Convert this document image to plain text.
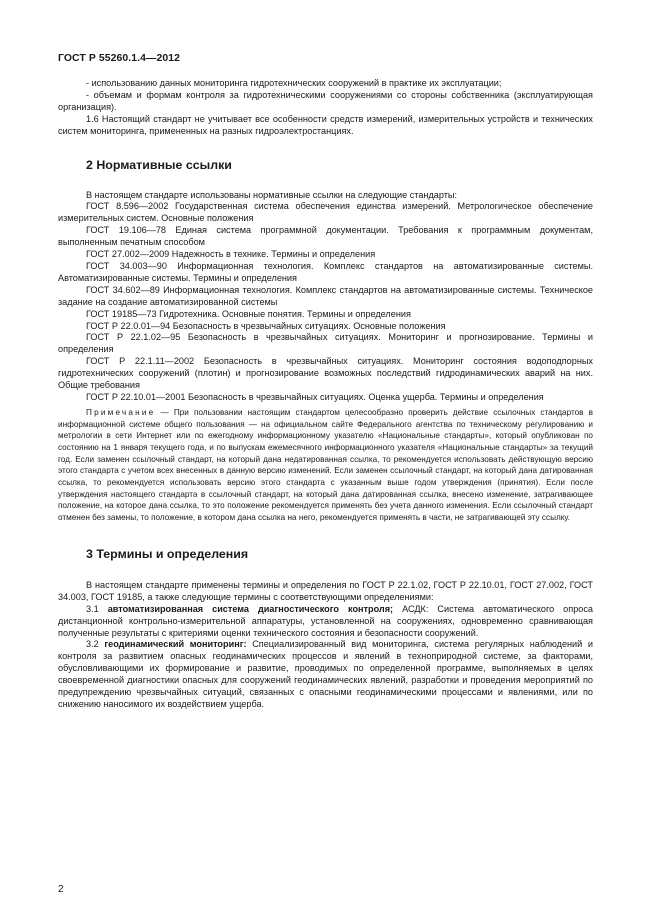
ГОСТ Р 55260.1.4—2012

- использованию данных мониторинга гидротехнических сооружений в практике их эксплуатации;

- объемам и формам контроля за гидротехническими сооружениями со стороны собственника (эксплуатирующая организация).

1.6 Настоящий стандарт не учитывает все особенности средств измерений, измерительных устройств и технических систем мониторинга, примененных на разных гидроэлектростанциях.

2 Нормативные ссылки

В настоящем стандарте использованы нормативные ссылки на следующие стандарты:

ГОСТ 8.596—2002 Государственная система обеспечения единства измерений. Метрологическое обеспечение измерительных систем. Основные положения

ГОСТ 19.106—78 Единая система программной документации. Требования к программным документам, выполненным печатным способом

ГОСТ 27.002—2009 Надежность в технике. Термины и определения

ГОСТ 34.003—90 Информационная технология. Комплекс стандартов на автоматизированные системы. Автоматизированные системы. Термины и определения

ГОСТ 34.602—89 Информационная технология. Комплекс стандартов на автоматизированные системы. Техническое задание на создание автоматизированной системы

ГОСТ 19185—73 Гидротехника. Основные понятия. Термины и определения

ГОСТ Р 22.0.01—94 Безопасность в чрезвычайных ситуациях. Основные положения

ГОСТ Р 22.1.02—95 Безопасность в чрезвычайных ситуациях. Мониторинг и прогнозирование. Термины и определения

ГОСТ Р 22.1.11—2002 Безопасность в чрезвычайных ситуациях. Мониторинг состояния водоподпорных гидротехнических сооружений (плотин) и прогнозирование возможных последствий гидродинамических аварий на них. Общие требования

ГОСТ Р 22.10.01—2001 Безопасность в чрезвычайных ситуациях. Оценка ущерба. Термины и определения

Примечание — При пользовании настоящим стандартом целесообразно проверить действие ссылочных стандартов в информационной системе общего пользования — на официальном сайте Федерального агентства по техническому регулированию и метрологии в сети Интернет или по ежегодному информационному указателю «Национальные стандарты», который опубликован по состоянию на 1 января текущего года, и по выпускам ежемесячного информационного указателя «Национальные стандарты» за текущий год. Если заменен ссылочный стандарт, на который дана недатированная ссылка, то рекомендуется использовать действующую версию этого стандарта с учетом всех внесенных в данную версию изменений. Если заменен ссылочный стандарт, на который дана датированная ссылка, то рекомендуется использовать версию этого стандарта с указанным выше годом утверждения (принятия). Если после утверждения настоящего стандарта в ссылочный стандарт, на который дана датированная ссылка, внесено изменение, затрагивающее положение, на которое дана ссылка, то это положение рекомендуется применять без учета данного изменения. Если ссылочный стандарт отменен без замены, то положение, в котором дана ссылка на него, рекомендуется применять в части, не затрагивающей эту ссылку.

3 Термины и определения

В настоящем стандарте применены термины и определения по ГОСТ Р 22.1.02, ГОСТ Р 22.10.01, ГОСТ 27.002, ГОСТ 34.003, ГОСТ 19185, а также следующие термины с соответствующими определениями:

3.1 автоматизированная система диагностического контроля; АСДК: Система автоматического опроса дистанционной контрольно-измерительной аппаратуры, установленной на сооружениях, одновременно сравнивающая полученные результаты с критериями оценки технического состояния и безопасности сооружений.

3.2 геодинамический мониторинг: Специализированный вид мониторинга, система регулярных наблюдений и контроля за развитием опасных геодинамических процессов и явлений в технoприродной системе, за факторами, обусловливающими их формирование и развитие, проводимых по определенной программе, выполняемых в целях своевременной диагностики опасных для сооружений геодинамических явлений, разработки и проведения мероприятий по предупреждению чрезвычайных ситуаций, связанных с опасными геодинамическими процессами и явлениями, или по снижению наносимого их воздействием ущерба.

2
